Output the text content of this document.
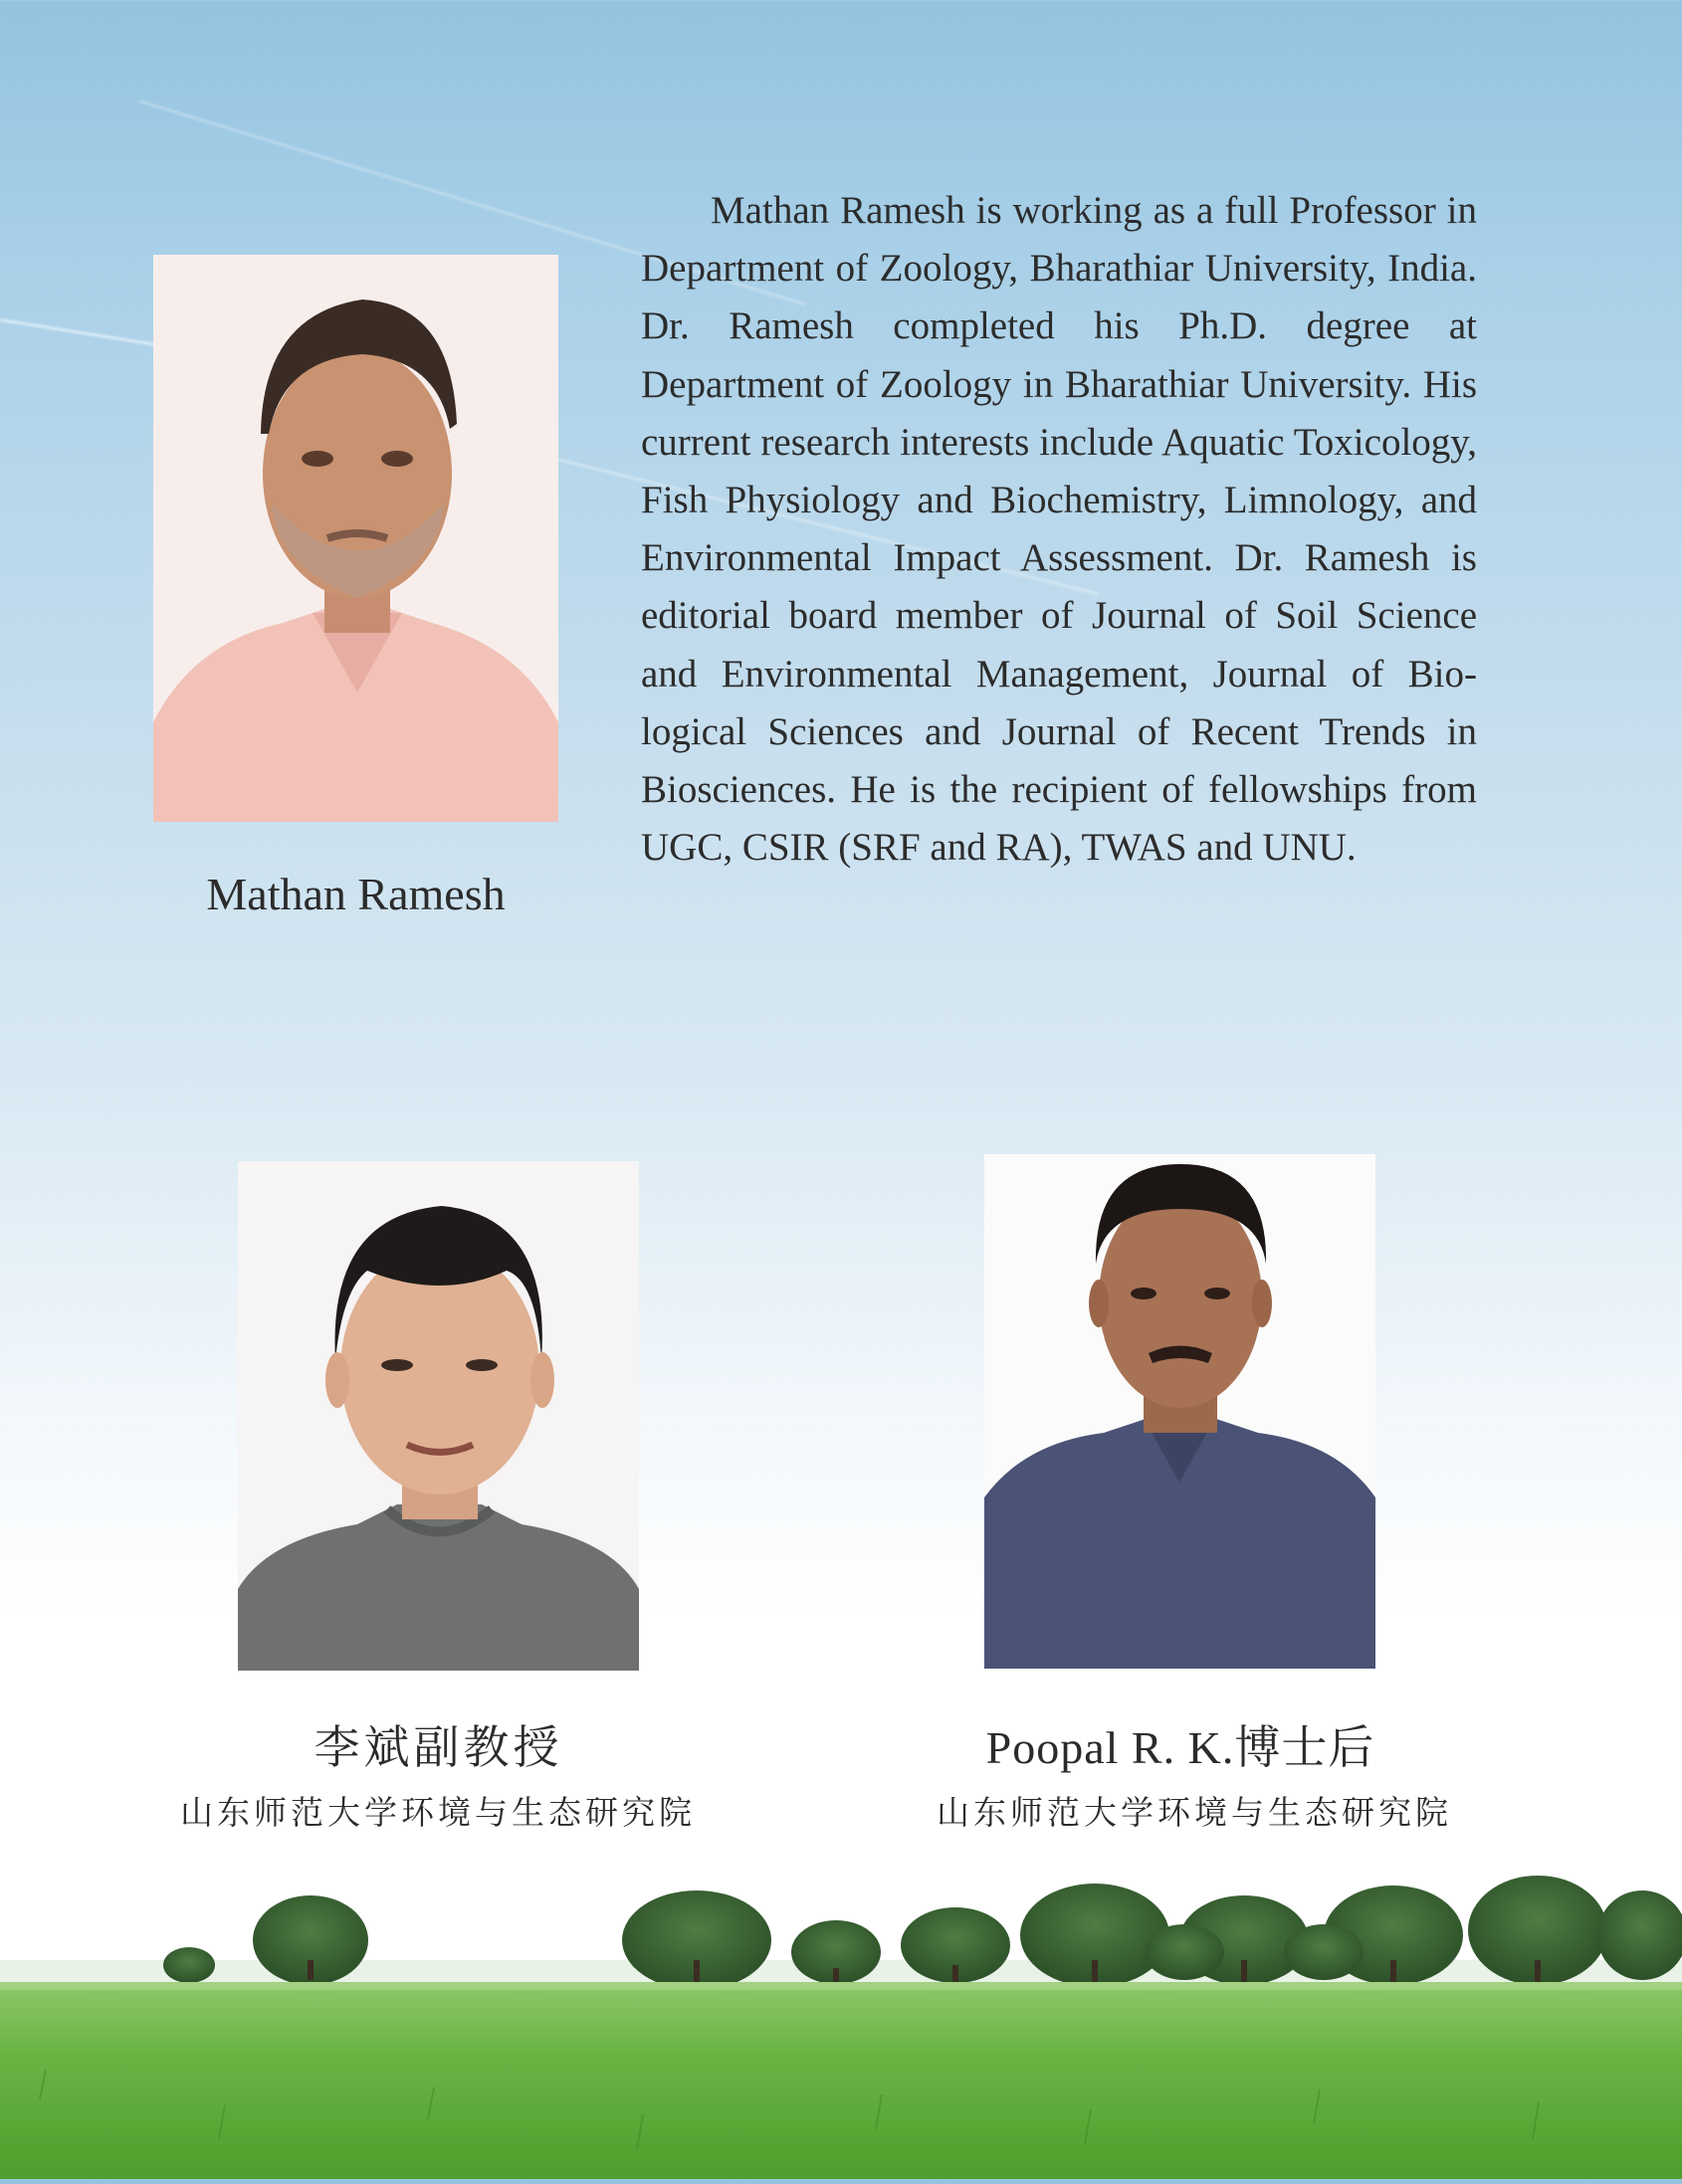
Mathan Ramesh
Mathan Ramesh is working as a full Professor in Department of Zoology, Bharathiar University, India. Dr. Ramesh completed his Ph.D. degree at Department of Zoology in Bharathiar University. His current research interests include Aquatic Toxicology, Fish Physiology and Biochemistry, Limnology, and Environmental Impact Assessment. Dr. Ramesh is editorial board member of Journal of Soil Science and Environmental Management, Journal of Biological Sciences and Journal of Recent Trends in Biosciences. He is the recipient of fellowships from UGC, CSIR (SRF and RA), TWAS and UNU.
李斌副教授
山东师范大学环境与生态研究院
Poopal R. K.博士后
山东师范大学环境与生态研究院
